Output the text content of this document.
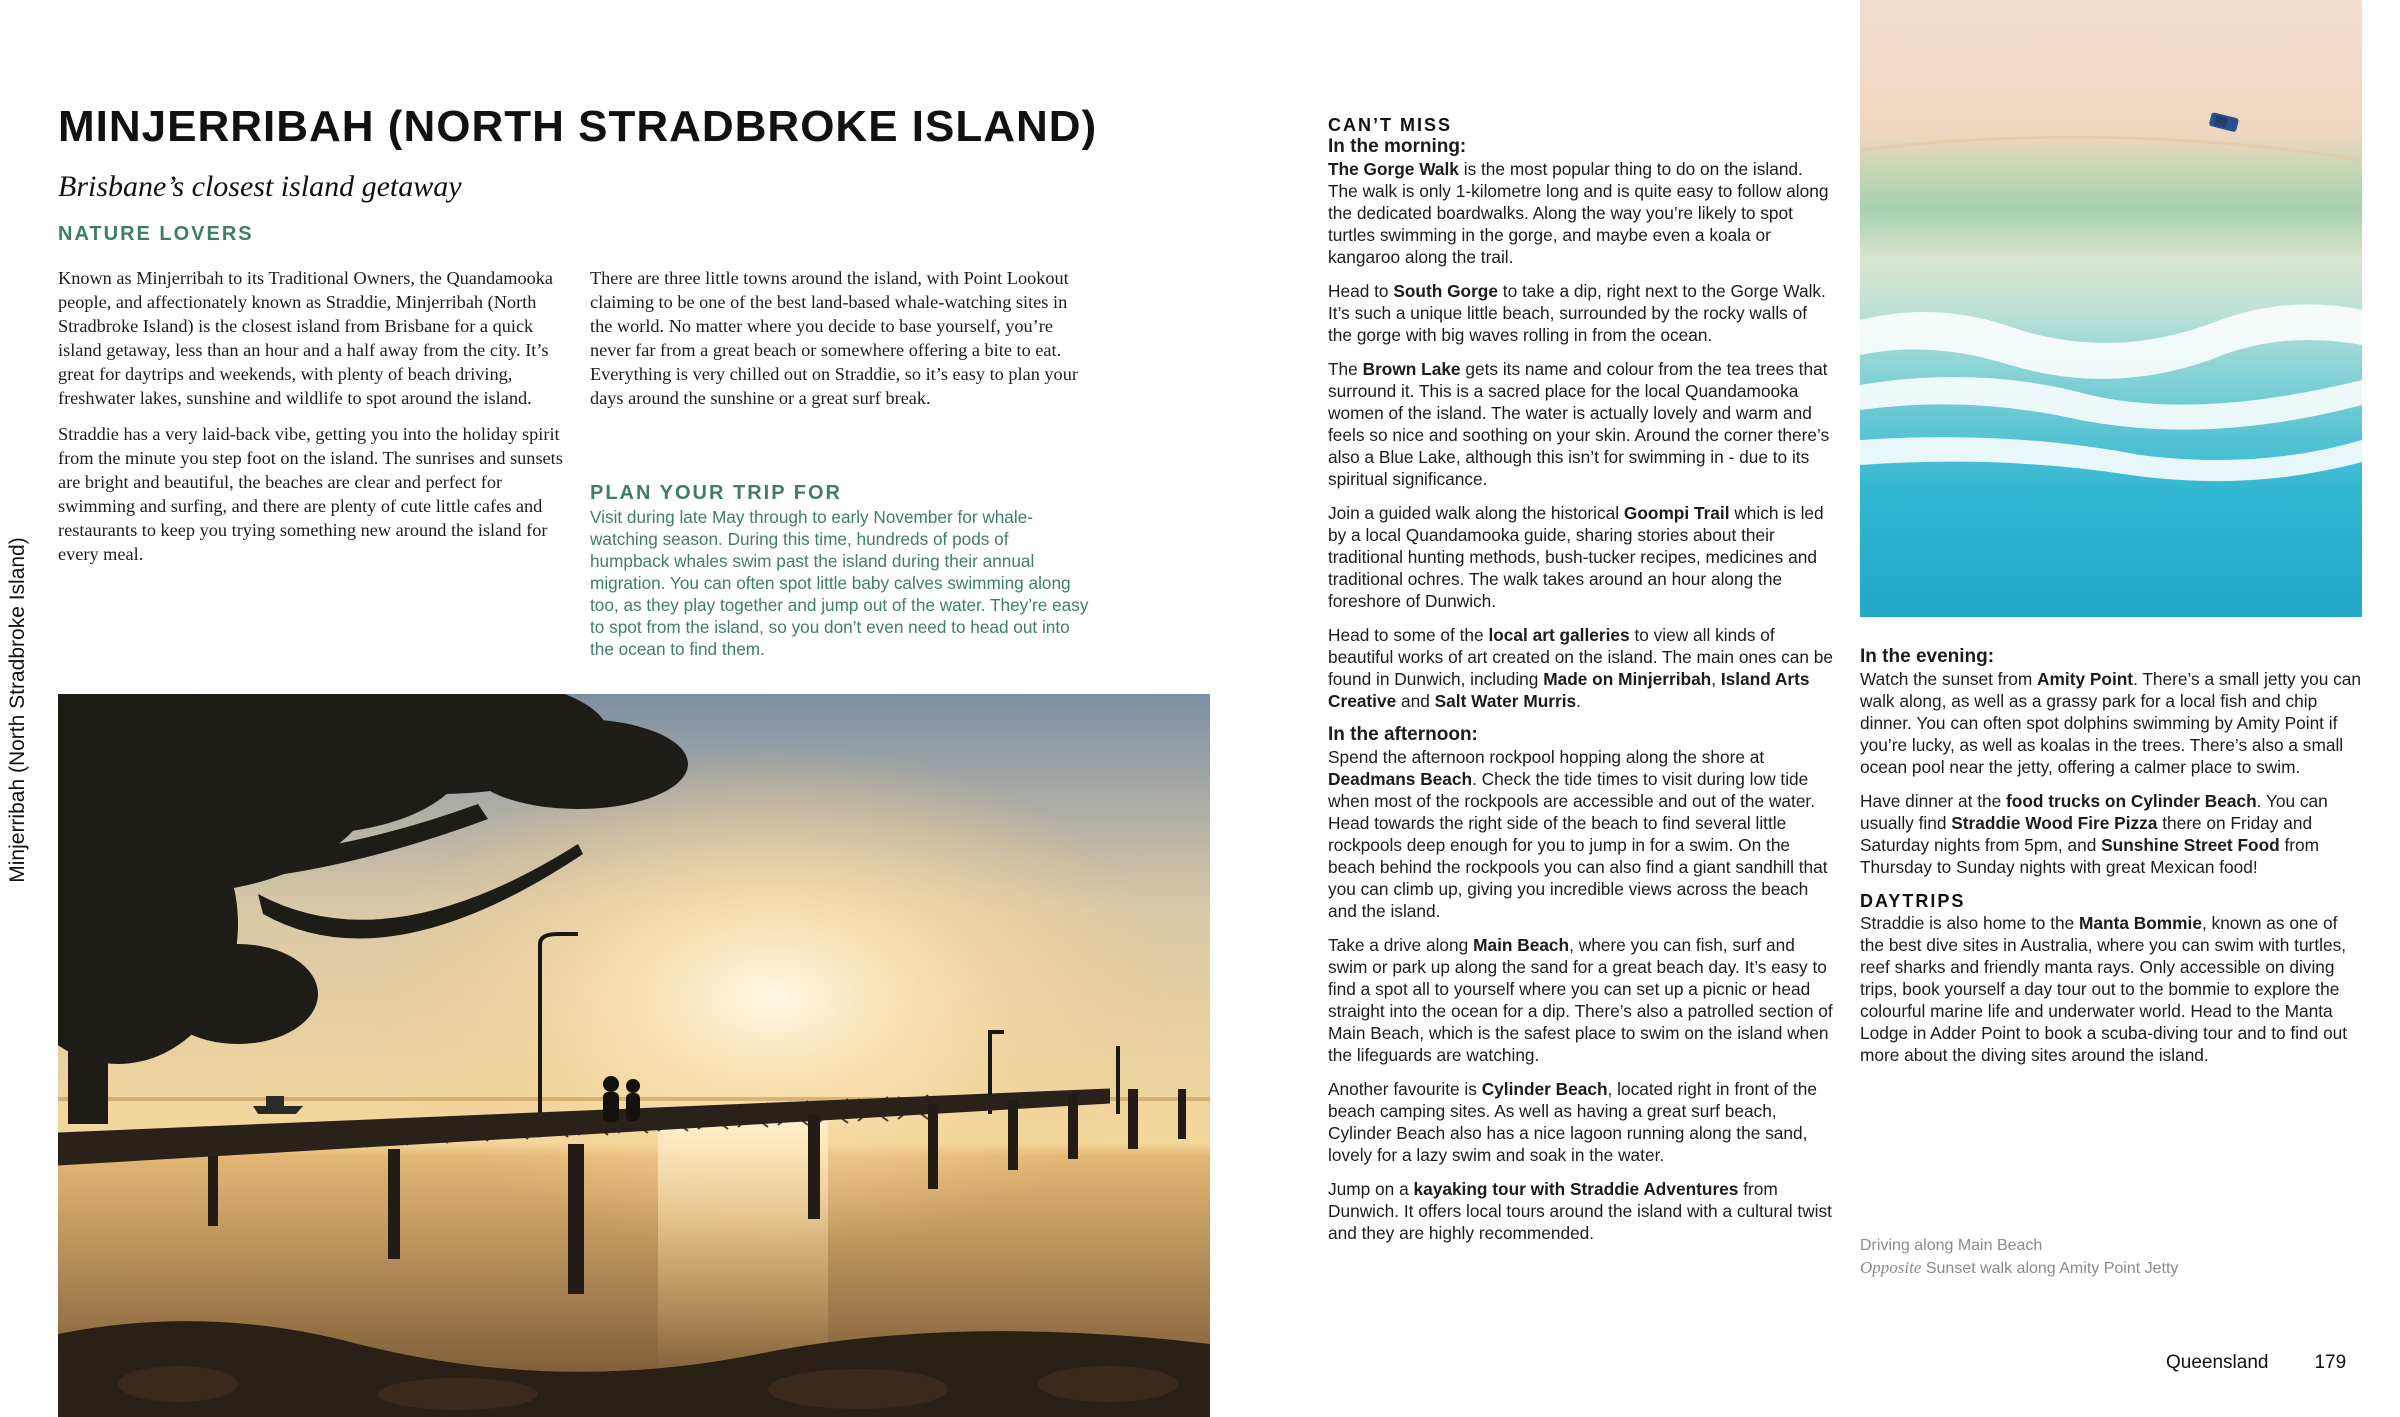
Minjerribah (North Stradbroke Island)
MINJERRIBAH (NORTH STRADBROKE ISLAND)
Brisbane’s closest island getaway
NATURE LOVERS

Known as Minjerribah to its Traditional Owners, the Quandamooka people, and affectionately known as Straddie, Minjerribah (North Stradbroke Island) is the closest island from Brisbane for a quick island getaway, less than an hour and a half away from the city. It’s great for daytrips and weekends, with plenty of beach driving, freshwater lakes, sunshine and wildlife to spot around the island.

Straddie has a very laid-back vibe, getting you into the holiday spirit from the minute you step foot on the island. The sunrises and sunsets are bright and beautiful, the beaches are clear and perfect for swimming and surfing, and there are plenty of cute little cafes and restaurants to keep you trying something new around the island for every meal.

There are three little towns around the island, with Point Lookout claiming to be one of the best land-based whale-watching sites in the world. No matter where you decide to base yourself, you’re never far from a great beach or somewhere offering a bite to eat. Everything is very chilled out on Straddie, so it’s easy to plan your days around the sunshine or a great surf break.

PLAN YOUR TRIP FOR

Visit during late May through to early November for whale-watching season. During this time, hundreds of pods of humpback whales swim past the island during their annual migration. You can often spot little baby calves swimming along too, as they play together and jump out of the water. They’re easy to spot from the island, so you don’t even need to head out into the ocean to find them.

CAN’T MISS
In the morning:

The Gorge Walk is the most popular thing to do on the island. The walk is only 1-kilometre long and is quite easy to follow along the dedicated boardwalks. Along the way you’re likely to spot turtles swimming in the gorge, and maybe even a koala or kangaroo along the trail.

Head to South Gorge to take a dip, right next to the Gorge Walk. It’s such a unique little beach, surrounded by the rocky walls of the gorge with big waves rolling in from the ocean.

The Brown Lake gets its name and colour from the tea trees that surround it. This is a sacred place for the local Quandamooka women of the island. The water is actually lovely and warm and feels so nice and soothing on your skin. Around the corner there’s also a Blue Lake, although this isn’t for swimming in - due to its spiritual significance.

Join a guided walk along the historical Goompi Trail which is led by a local Quandamooka guide, sharing stories about their traditional hunting methods, bush-tucker recipes, medicines and traditional ochres. The walk takes around an hour along the foreshore of Dunwich.

Head to some of the local art galleries to view all kinds of beautiful works of art created on the island. The main ones can be found in Dunwich, including Made on Minjerribah, Island Arts Creative and Salt Water Murris.

In the afternoon:

Spend the afternoon rockpool hopping along the shore at Deadmans Beach. Check the tide times to visit during low tide when most of the rockpools are accessible and out of the water. Head towards the right side of the beach to find several little rockpools deep enough for you to jump in for a swim. On the beach behind the rockpools you can also find a giant sandhill that you can climb up, giving you incredible views across the beach and the island.

Take a drive along Main Beach, where you can fish, surf and swim or park up along the sand for a great beach day. It’s easy to find a spot all to yourself where you can set up a picnic or head straight into the ocean for a dip. There’s also a patrolled section of Main Beach, which is the safest place to swim on the island when the lifeguards are watching.

Another favourite is Cylinder Beach, located right in front of the beach camping sites. As well as having a great surf beach, Cylinder Beach also has a nice lagoon running along the sand, lovely for a lazy swim and soak in the water.

Jump on a kayaking tour with Straddie Adventures from Dunwich. It offers local tours around the island with a cultural twist and they are highly recommended.

In the evening:

Watch the sunset from Amity Point. There’s a small jetty you can walk along, as well as a grassy park for a local fish and chip dinner. You can often spot dolphins swimming by Amity Point if you’re lucky, as well as koalas in the trees. There’s also a small ocean pool near the jetty, offering a calmer place to swim.

Have dinner at the food trucks on Cylinder Beach. You can usually find Straddie Wood Fire Pizza there on Friday and Saturday nights from 5pm, and Sunshine Street Food from Thursday to Sunday nights with great Mexican food!

DAYTRIPS

Straddie is also home to the Manta Bommie, known as one of the best dive sites in Australia, where you can swim with turtles, reef sharks and friendly manta rays. Only accessible on diving trips, book yourself a day tour out to the bommie to explore the colourful marine life and underwater world. Head to the Manta Lodge in Adder Point to book a scuba-diving tour and to find out more about the diving sites around the island.

Driving along Main Beach
Opposite Sunset walk along Amity Point Jetty
Queensland 179
